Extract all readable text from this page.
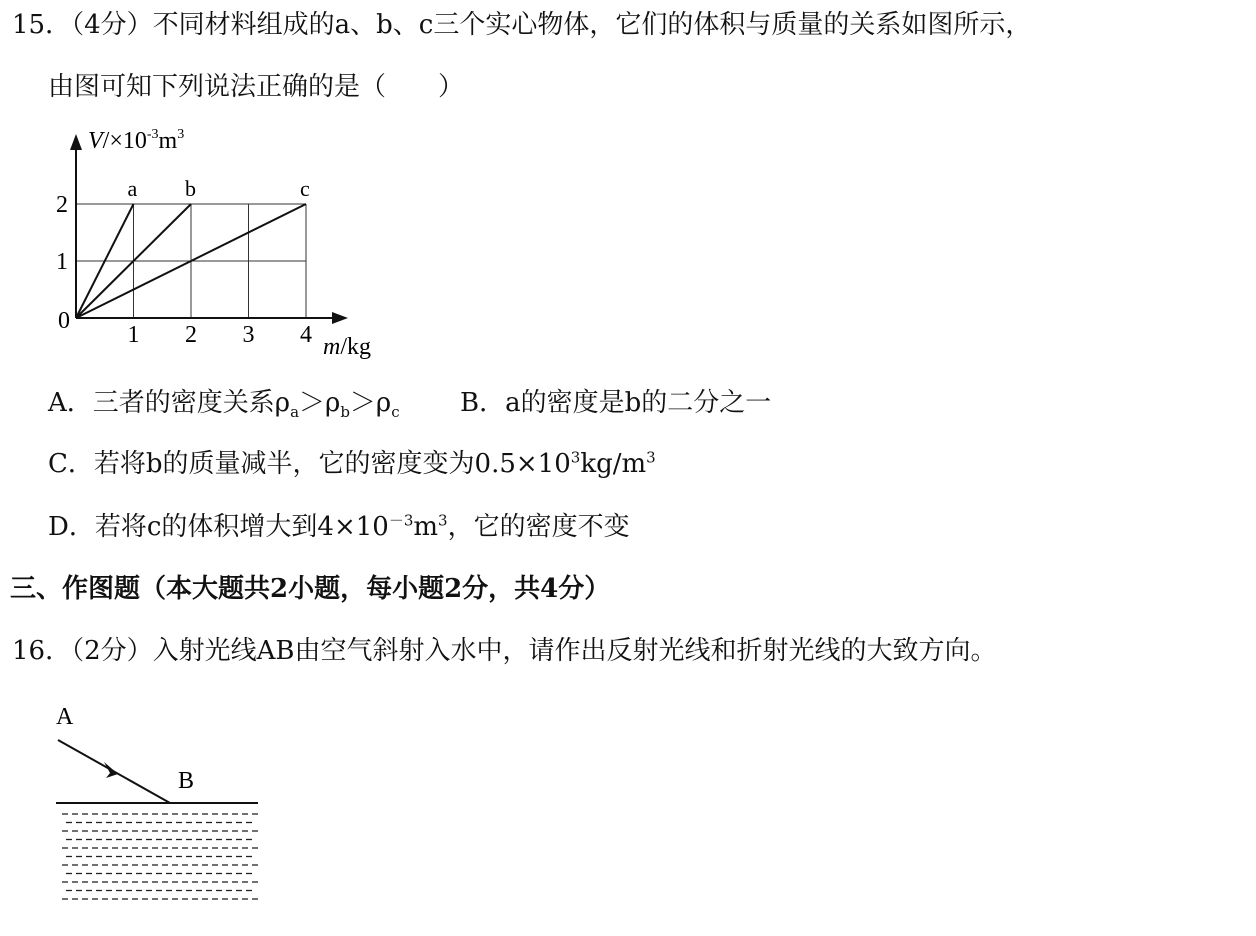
15．（4分）不同材料组成的a、b、c三个实心物体，它们的体积与质量的关系如图所示，
由图可知下列说法正确的是（　　）
a b	c
1 2 3 4
1
2
0
$V/\times 10^{-3}m^3$
m/kg
A．三者的密度关系$\rho_a>\rho_b>\rho_c$ B．a的密度是b的二分之一
C．若将b的质量减半，它的密度变为$0.5\times 10^3kg/m^3$
D．若将c的体积增大到$4\times 10^{-3}m^3$，它的密度不变
三、作图题（本大题共2小题，每小题2分，共4分）
16．（2分）入射光线AB由空气斜射入水中，请作出反射光线和折射光线的大致方向。
A
B
